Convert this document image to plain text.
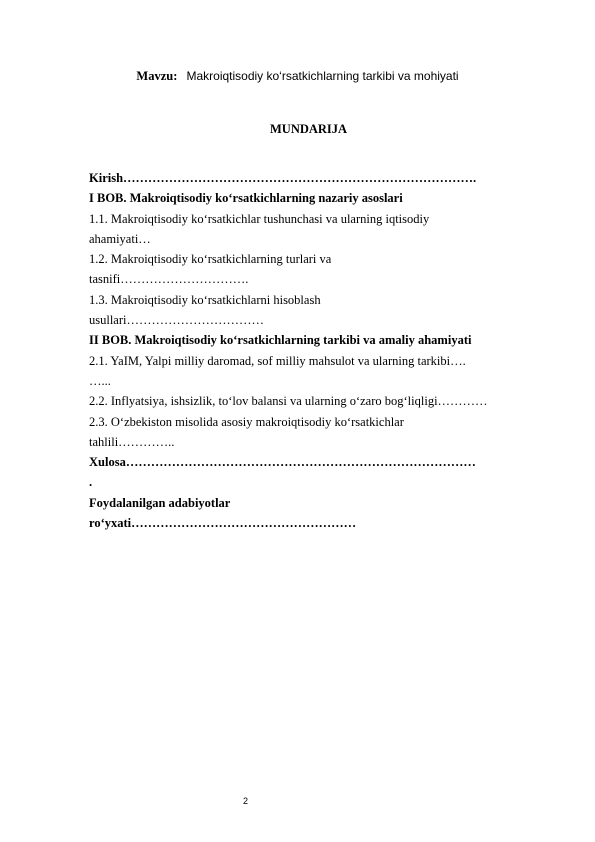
Mavzu: Makroiqtisodiy ko‘rsatkichlarning tarkibi va mohiyati
MUNDARIJA
Kirish………………………………………………………………………….
I BOB. Makroiqtisodiy ko‘rsatkichlarning nazariy asoslari
1.1. Makroiqtisodiy ko‘rsatkichlar tushunchasi va ularning iqtisodiy
ahamiyati…
1.2. Makroiqtisodiy ko‘rsatkichlarning turlari va
tasnifi………………………….
1.3. Makroiqtisodiy ko‘rsatkichlarni hisoblash
usullari……………………………
II BOB. Makroiqtisodiy ko‘rsatkichlarning tarkibi va amaliy ahamiyati
2.1. YaIM, Yalpi milliy daromad, sof milliy mahsulot va ularning tarkibi….
…...
2.2. Inflyatsiya, ishsizlik, to‘lov balansi va ularning o‘zaro bog‘liqligi…………
2.3. O‘zbekiston misolida asosiy makroiqtisodiy ko‘rsatkichlar
tahlili…………..
Xulosa…………………………………………………………………………
.
Foydalanilgan adabiyotlar
ro‘yxati………………………………………………
2
